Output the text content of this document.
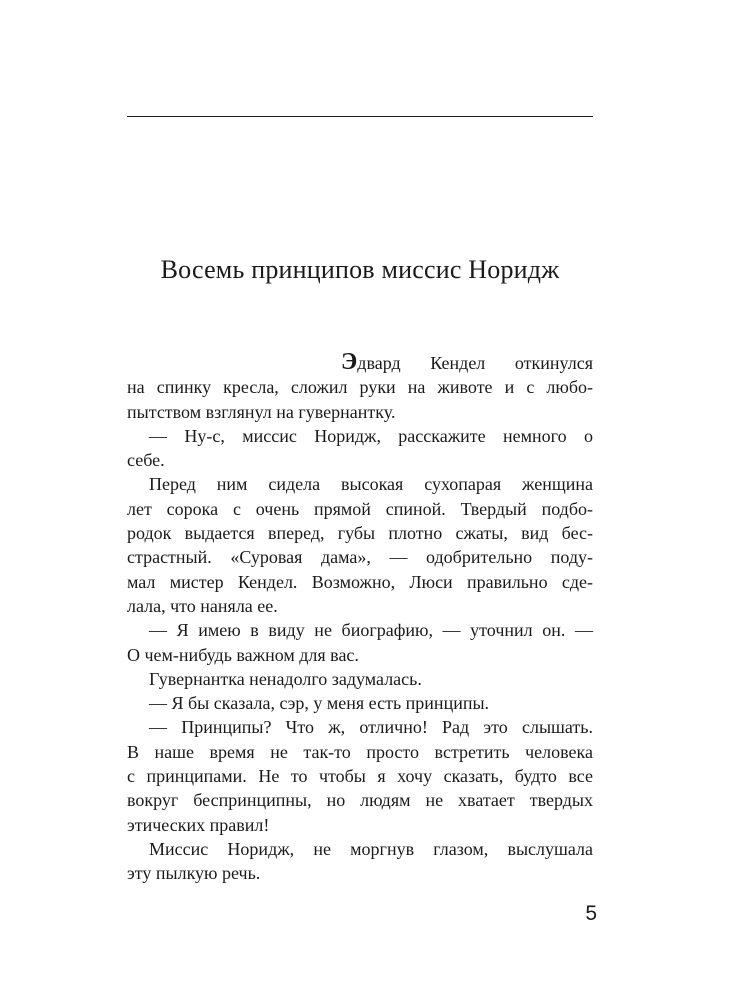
Восемь принципов миссис Норидж
Эдвард Кендел откинулся
на спинку кресла, сложил руки на животе и с любо-
пытством взглянул на гувернантку.
— Ну-с, миссис Норидж, расскажите немного о
себе.
Перед ним сидела высокая сухопарая женщина
лет сорока с очень прямой спиной. Твердый подбо-
родок выдается вперед, губы плотно сжаты, вид бес-
страстный. «Суровая дама», — одобрительно поду-
мал мистер Кендел. Возможно, Люси правильно сде-
лала, что наняла ее.
— Я имею в виду не биографию, — уточнил он. —
О чем-нибудь важном для вас.
Гувернантка ненадолго задумалась.
— Я бы сказала, сэр, у меня есть принципы.
— Принципы? Что ж, отлично! Рад это слышать.
В наше время не так-то просто встретить человека
с принципами. Не то чтобы я хочу сказать, будто все
вокруг беспринципны, но людям не хватает твердых
этических правил!
Миссис Норидж, не моргнув глазом, выслушала
эту пылкую речь.
5
